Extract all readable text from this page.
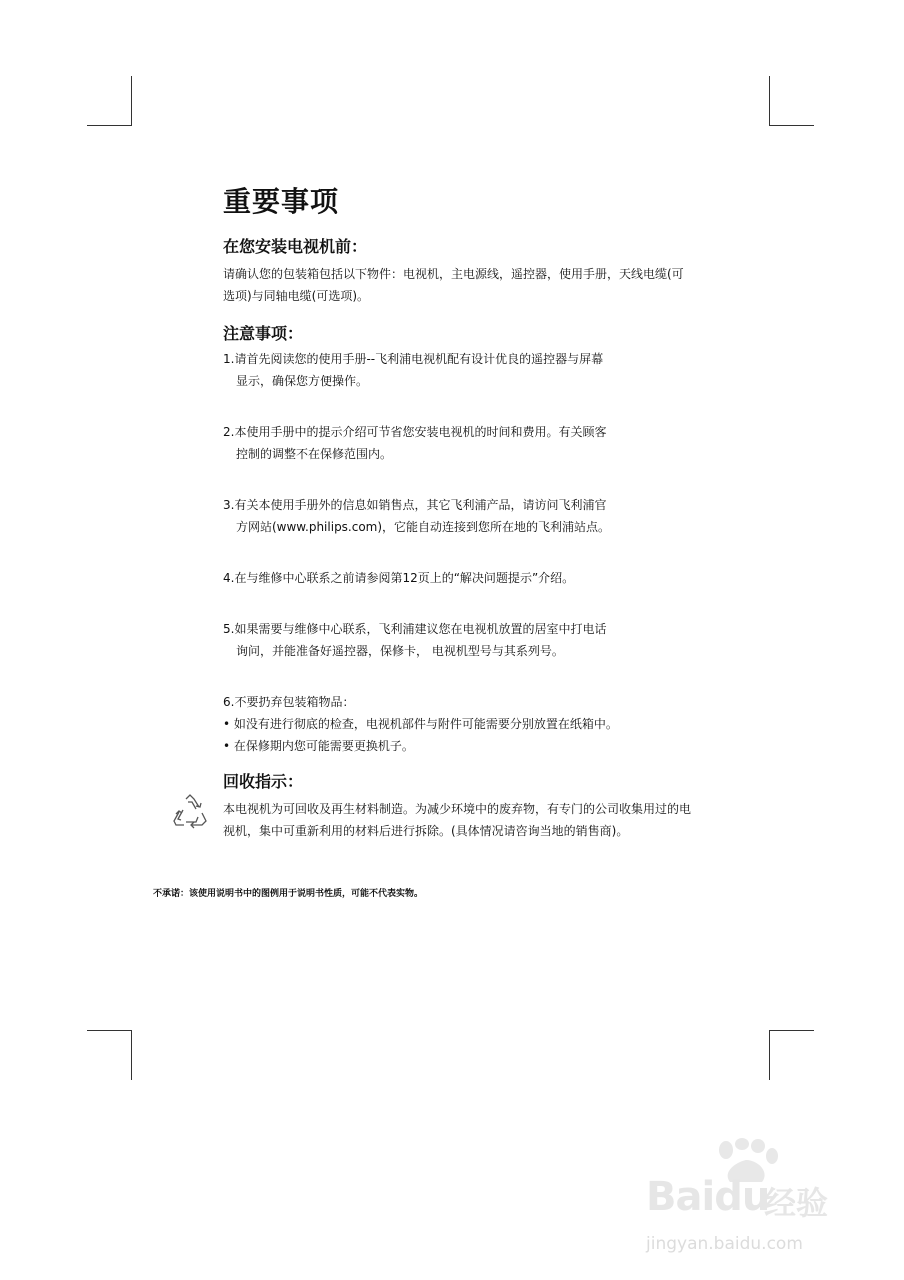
重要事项
在您安装电视机前：
请确认您的包装箱包括以下物件：电视机，主电源线，遥控器，使用手册，天线电缆(可选项)与同轴电缆(可选项)。
注意事项：
1.请首先阅读您的使用手册--飞利浦电视机配有设计优良的遥控器与屏幕
显示，确保您方便操作。
2.本使用手册中的提示介绍可节省您安装电视机的时间和费用。有关顾客
控制的调整不在保修范围内。
3.有关本使用手册外的信息如销售点，其它飞利浦产品，请访问飞利浦官
方网站(www.philips.com)，它能自动连接到您所在地的飞利浦站点。
4.在与维修中心联系之前请参阅第12页上的“解决问题提示”介绍。
5.如果需要与维修中心联系，飞利浦建议您在电视机放置的居室中打电话
询问，并能准备好遥控器，保修卡， 电视机型号与其系列号。
6.不要扔弃包装箱物品：
• 如没有进行彻底的检查，电视机部件与附件可能需要分别放置在纸箱中。
• 在保修期内您可能需要更换机子。
回收指示：
本电视机为可回收及再生材料制造。为减少环境中的废弃物，有专门的公司收集用过的电视机，集中可重新利用的材料后进行拆除。(具体情况请咨询当地的销售商)。
不承诺：该使用说明书中的图例用于说明书性质，可能不代表实物。
Baidu
经验
jingyan.baidu.com
